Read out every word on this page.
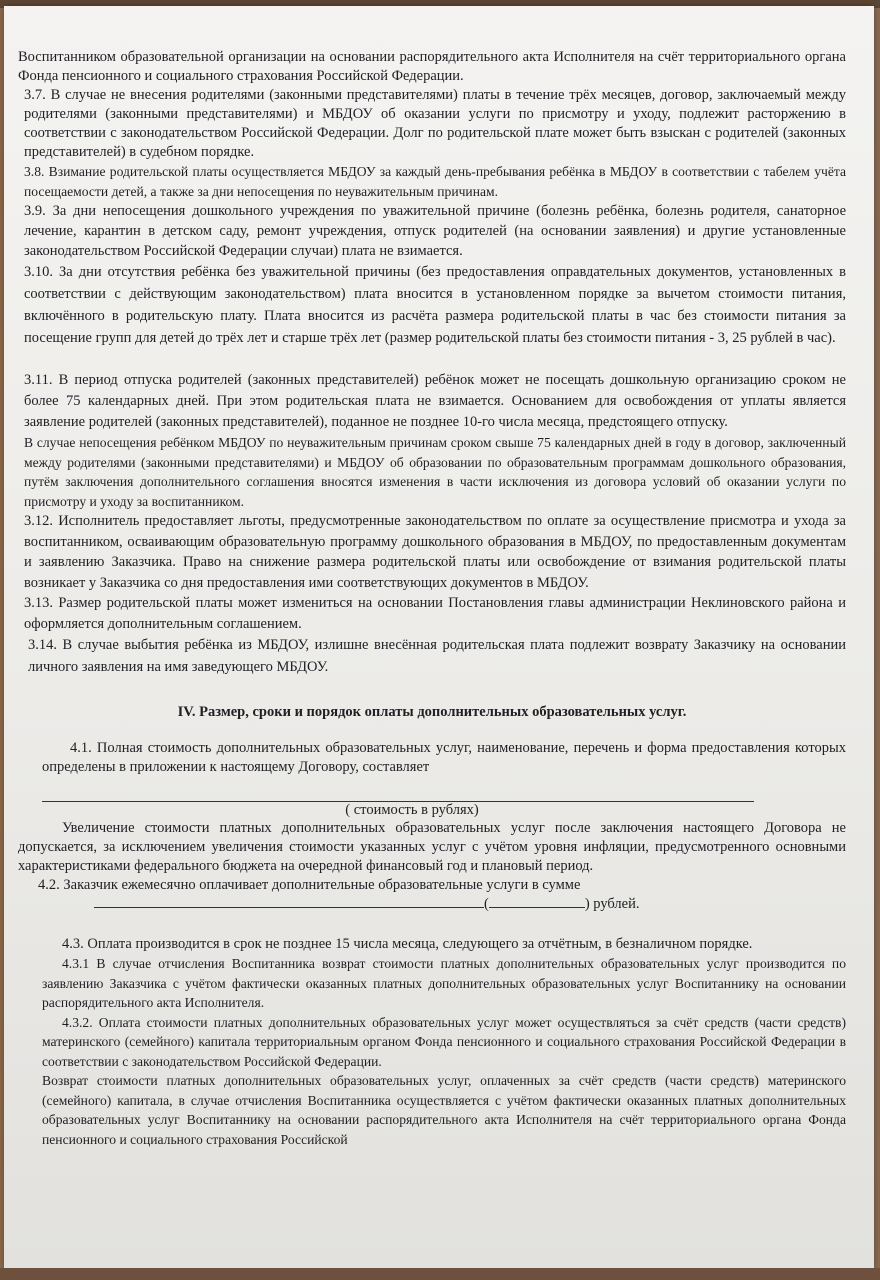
Воспитанником образовательной организации на основании распорядительного акта Исполнителя на счёт территориального органа Фонда пенсионного и социального страхования Российской Федерации.

3.7. В случае не внесения родителями (законными представителями) платы в течение трёх месяцев, договор, заключаемый между родителями (законными представителями) и МБДОУ об оказании услуги по присмотру и уходу, подлежит расторжению в соответствии с законодательством Российской Федерации. Долг по родительской плате может быть взыскан с родителей (законных представителей) в судебном порядке.

3.8. Взимание родительской платы осуществляется МБДОУ за каждый день-пребывания ребёнка в МБДОУ в соответствии с табелем учёта посещаемости детей, а также за дни непосещения по неуважительным причинам.

3.9. За дни непосещения дошкольного учреждения по уважительной причине (болезнь ребёнка, болезнь родителя, санаторное лечение, карантин в детском саду, ремонт учреждения, отпуск родителей (на основании заявления) и другие установленные законодательством Российской Федерации случаи) плата не взимается.

3.10. За дни отсутствия ребёнка без уважительной причины (без предоставления оправдательных документов, установленных в соответствии с действующим законодательством) плата вносится в установленном порядке за вычетом стоимости питания, включённого в родительскую плату. Плата вносится из расчёта размера родительской платы в час без стоимости питания за посещение групп для детей до трёх лет и старше трёх лет (размер родительской платы без стоимости питания - 3, 25 рублей в час).

3.11. В период отпуска родителей (законных представителей) ребёнок может не посещать дошкольную организацию сроком не более 75 календарных дней. При этом родительская плата не взимается. Основанием для освобождения от уплаты является заявление родителей (законных представителей), поданное не позднее 10-го числа месяца, предстоящего отпуску.

В случае непосещения ребёнком МБДОУ по неуважительным причинам сроком свыше 75 календарных дней в году в договор, заключенный между родителями (законными представителями) и МБДОУ об образовании по образовательным программам дошкольного образования, путём заключения дополнительного соглашения вносятся изменения в части исключения из договора условий об оказании услуги по присмотру и уходу за воспитанником.

3.12. Исполнитель предоставляет льготы, предусмотренные законодательством по оплате за осуществление присмотра и ухода за воспитанником, осваивающим образовательную программу дошкольного образования в МБДОУ, по предоставленным документам и заявлению Заказчика. Право на снижение размера родительской платы или освобождение от взимания родительской платы возникает у Заказчика со дня предоставления ими соответствующих документов в МБДОУ.

3.13. Размер родительской платы может измениться на основании Постановления главы администрации Неклиновского района и оформляется дополнительным соглашением.

3.14. В случае выбытия ребёнка из МБДОУ, излишне внесённая родительская плата подлежит возврату Заказчику на основании личного заявления на имя заведующего МБДОУ.

IV. Размер, сроки и порядок оплаты дополнительных образовательных услуг.

4.1. Полная стоимость дополнительных образовательных услуг, наименование, перечень и форма предоставления которых определены в приложении к настоящему Договору, составляет

( стоимость в рублях)

Увеличение стоимости платных дополнительных образовательных услуг после заключения настоящего Договора не допускается, за исключением увеличения стоимости указанных услуг с учётом уровня инфляции, предусмотренного основными характеристиками федерального бюджета на очередной финансовый год и плановый период.

4.2. Заказчик ежемесячно оплачивает дополнительные образовательные услуги в сумме
(	) рублей.

4.3. Оплата производится в срок не позднее 15 числа месяца, следующего за отчётным, в безналичном порядке.

4.3.1 В случае отчисления Воспитанника возврат стоимости платных дополнительных образовательных услуг производится по заявлению Заказчика с учётом фактически оказанных платных дополнительных образовательных услуг Воспитаннику на основании распорядительного акта Исполнителя.

4.3.2. Оплата стоимости платных дополнительных образовательных услуг может осуществляться за счёт средств (части средств) материнского (семейного) капитала территориальным органом Фонда пенсионного и социального страхования Российской Федерации в соответствии с законодательством Российской Федерации.

Возврат стоимости платных дополнительных образовательных услуг, оплаченных за счёт средств (части средств) материнского (семейного) капитала, в случае отчисления Воспитанника осуществляется с учётом фактически оказанных платных дополнительных образовательных услуг Воспитаннику на основании распорядительного акта Исполнителя на счёт территориального органа Фонда пенсионного и социального страхования Российской
